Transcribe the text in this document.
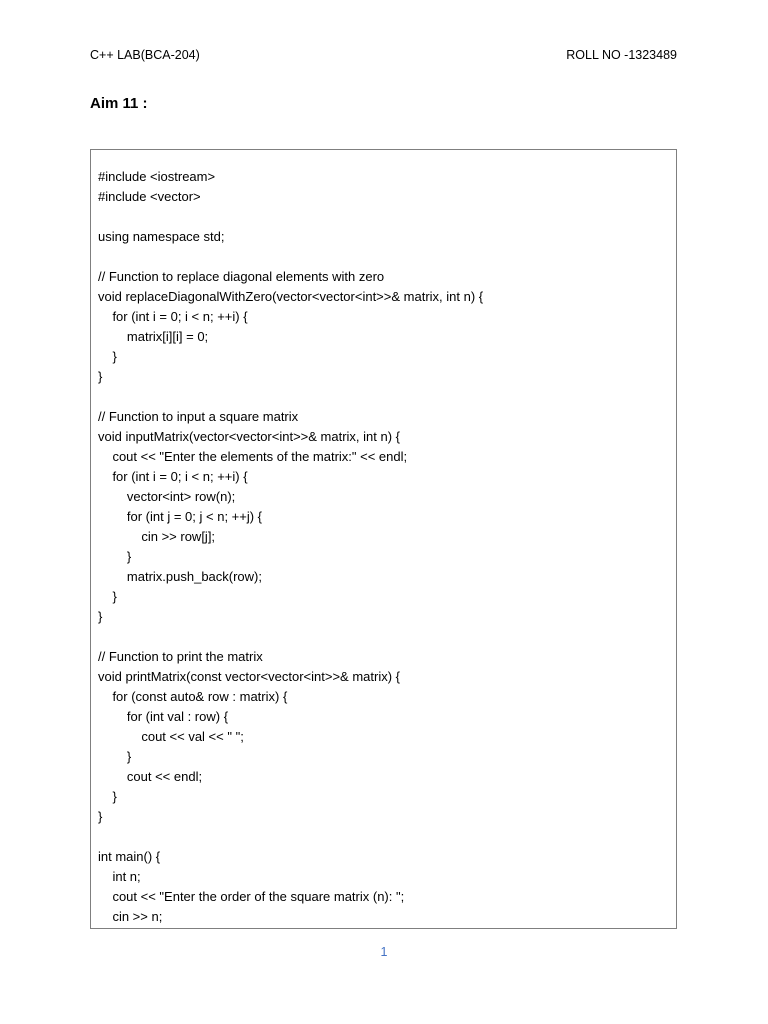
C++ LAB(BCA-204)	ROLL NO -1323489
Aim 11 :
#include <iostream>
#include <vector>
using namespace std;
// Function to replace diagonal elements with zero
void replaceDiagonalWithZero(vector<vector<int>>& matrix, int n) {
for (int i = 0; i < n; ++i) {
matrix[i][i] = 0;
}
}
// Function to input a square matrix
void inputMatrix(vector<vector<int>>& matrix, int n) {
cout << "Enter the elements of the matrix:" << endl;
for (int i = 0; i < n; ++i) {
vector<int> row(n);
for (int j = 0; j < n; ++j) {
cin >> row[j];
}
matrix.push_back(row);
}
}
// Function to print the matrix
void printMatrix(const vector<vector<int>>& matrix) {
for (const auto& row : matrix) {
for (int val : row) {
cout << val << " ";
}
cout << endl;
}
}
int main() {
int n;
cout << "Enter the order of the square matrix (n): ";
cin >> n;
1
